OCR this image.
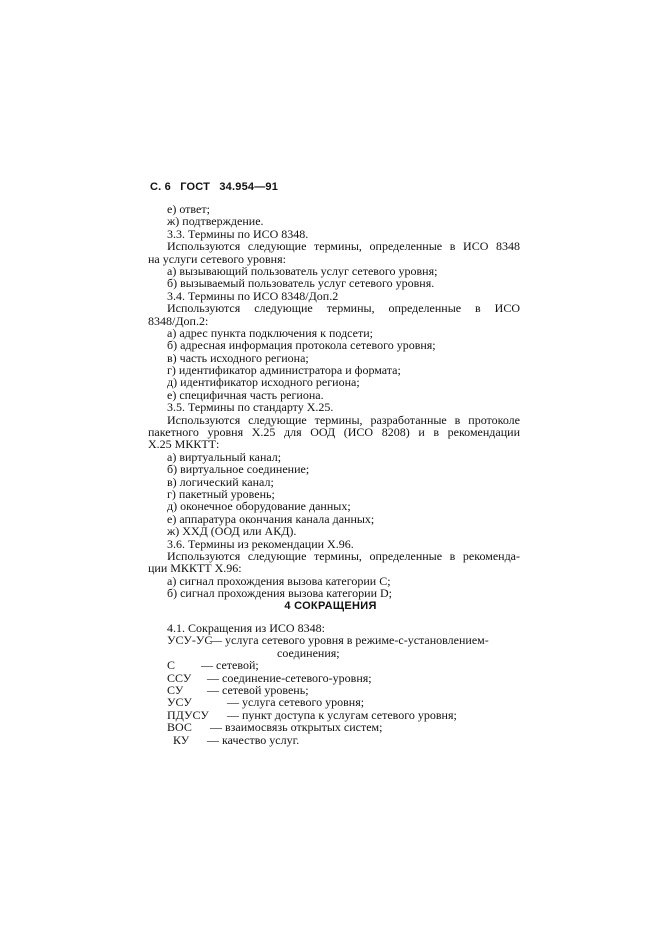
С. 6 ГОСТ 34.954—91
е) ответ;
ж) подтверждение.
3.3. Термины по ИСО 8348.
Используются следующие термины, определенные в ИСО 8348
на услуги сетевого уровня:
а) вызывающий пользователь услуг сетевого уровня;
б) вызываемый пользователь услуг сетевого уровня.
3.4. Термины по ИСО 8348/Доп.2
Используются следующие термины, определенные в ИСО
8348/Доп.2:
а) адрес пункта подключения к подсети;
б) адресная информация протокола сетевого уровня;
в) часть исходного региона;
г) идентификатор администратора и формата;
д) идентификатор исходного региона;
е) специфичная часть региона.
3.5. Термины по стандарту Х.25.
Используются следующие термины, разработанные в протоколе
пакетного уровня Х.25 для ООД (ИСО 8208) и в рекомендации
Х.25 МККТТ:
а) виртуальный канал;
б) виртуальное соединение;
в) логический канал;
г) пакетный уровень;
д) оконечное оборудование данных;
е) аппаратура окончания канала данных;
ж) ХХД (ООД или АКД).
3.6. Термины из рекомендации Х.96.
Используются следующие термины, определенные в рекоменда-
ции МККТТ Х.96:
а) сигнал прохождения вызова категории С;
б) сигнал прохождения вызова категории D;
4 СОКРАЩЕНИЯ
4.1. Сокращения из ИСО 8348:
УСУ-УС
— услуга сетевого уровня в режиме-с-установлением-
соединения;
С — сетевой;
ССУ — соединение-сетевого-уровня;
СУ — сетевой уровень;
УСУ	— услуга сетевого уровня;
ПДУСУ — пункт доступа к услугам сетевого уровня;
ВОС — взаимосвязь открытых систем;
КУ — качество услуг.
